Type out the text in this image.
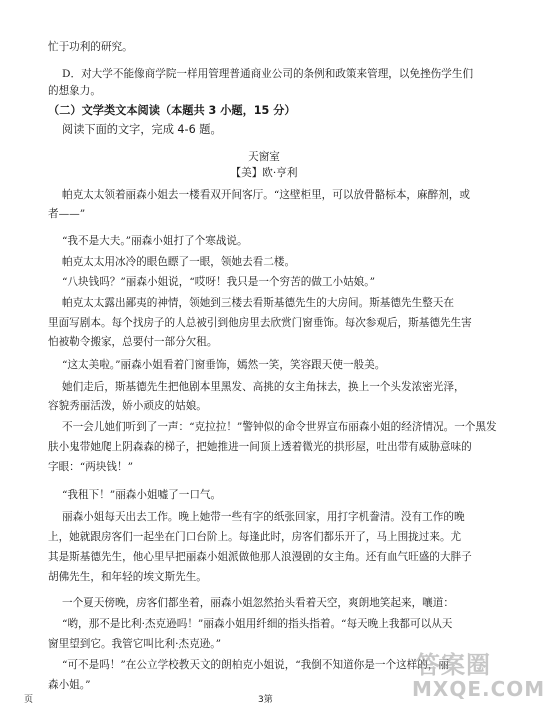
忙于功利的研究。
D．对大学不能像商学院一样用管理普通商业公司的条例和政策来管理，以免挫伤学生们
的想象力。
（二）文学类文本阅读（本题共 3 小题，15 分）
阅读下面的文字，完成 4-6 题。
天窗室
【美】欧·亨利
帕克太太领着丽森小姐去一楼看双开间客厅。“这壁柜里，可以放骨骼标本，麻醉剂，或
者——”
“我不是大夫。”丽森小姐打了个寒战说。
帕克太太用冰冷的眼色瞟了一眼，领她去看二楼。
“八块钱吗？”丽森小姐说，“哎呀！我只是一个穷苦的做工小姑娘。”
帕克太太露出鄙夷的神情，领她到三楼去看斯基德先生的大房间。斯基德先生整天在
里面写剧本。每个找房子的人总被引到他房里去欣赏门窗垂饰。每次参观后，斯基德先生害
怕被勒令搬家，总要付一部分欠租。
“这太美啦。”丽森小姐看着门窗垂饰，嫣然一笑，笑容跟天使一般美。
她们走后，斯基德先生把他剧本里黑发、高挑的女主角抹去，换上一个头发浓密光泽，
容貌秀丽活泼，娇小顽皮的姑娘。
不一会儿她们听到了一声：“克拉拉！”警钟似的命令世界宣布丽森小姐的经济情况。一个黑发
肤小鬼带她爬上阴森森的梯子，把她推进一间顶上透着微光的拱形屋，吐出带有威胁意味的
字眼：“两块钱！”
“我租下！”丽森小姐嘘了一口气。
丽森小姐每天出去工作。晚上她带一些有字的纸张回家，用打字机誊清。没有工作的晚
上，她就跟房客们一起坐在门口台阶上。每逢此时，房客们都乐开了，马上围拢过来。尤
其是斯基德先生，他心里早把丽森小姐派做他那人浪漫剧的女主角。还有血气旺盛的大胖子
胡佛先生，和年轻的埃文斯先生。
一个夏天傍晚，房客们都坐着，丽森小姐忽然抬头看着天空，爽朗地笑起来，嚷道：
“哟，那不是比利·杰克逊吗！”丽森小姐用纤细的指头指着。“每天晚上我都可以从天
窗里望到它。我管它叫比利·杰克逊。”
“可不是吗！”在公立学校教天文的朗柏克小姐说，“我倒不知道你是一个这样的，丽
森小姐。”
页	3第
答案圈
MXQE.COM
